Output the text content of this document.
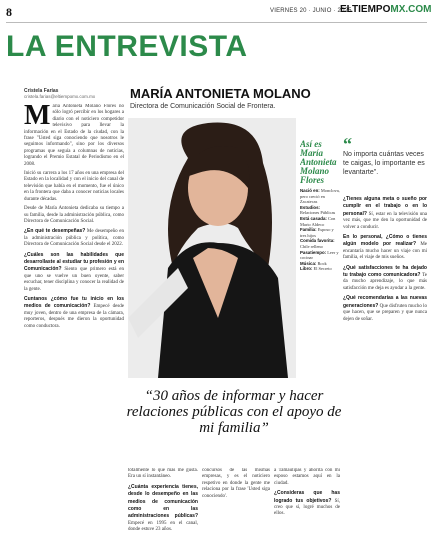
8	VIERNES 20 · JUNIO · 2025
ELTIEMPOMX.COM
LA ENTREVISTA
Cristela Farías
cristela.farias@eltiempomx.com.mx	MARÍA ANTONIETA MOLANO
Directora de Comunicación Social de Frontera.

María Antonieta Molano Flores no sólo logró percibir en los hogares a diario con el noticiero competidor televisivo para llevar la información en el Estado de la ciudad, con la frase "Usted siga conociendo que nosotros le seguimos informando", sino por los diversos programas que seguía a columnas de noticias, logrando el Premio Estatal de Periodismo en el 2008.

Inició su carrera a los 17 años en una empresa del Estado en la localidad y con el inicio del canal de televisión que había en el momento, fue el único en la frontera que daba a conocer noticias locales durante décadas.

Desde de María Antonieta dedicaba su tiempo a su familia, desde la administración pública, como Directora de Comunicación Social.

¿En qué te desempeñas? Me desempeño en la administración pública y política, como Directora de Comunicación Social desde el 2022.

¿Cuáles son las habilidades que desarrollaste al estudiar tu profesión y en Comunicación? Siento que primero está en que uno se vuelve un buen oyente, saber escuchar, tener disciplina y conocer la realidad de la gente.

Cuntanos ¿cómo fue tu inicio en los medios de comunicación? Empecé desde muy joven, dentro de una empresa de la cámara, reporteros, después me dieron la oportunidad como conductora.

Así es María Antonieta Molano Flores

Nació en: Monclova, pero creció en Zacatecas

Estudios: Relaciones Públicas

Está casada: Con Mario Aldeco

Familia: Esposo y tres hijos

Comida favorita: Chile relleno

Pasatiempo: Leer y cocinar

Música: Rock

Libro: El Secreto

“
No importa cuántas veces te caigas, lo importante es levantarte".

¿Tienes alguna meta o sueño por cumplir en el trabajo o en lo personal? Sí, estar en la televisión una vez más, que me den la oportunidad de volver a conducir.

En lo personal, ¿Cómo o tienes algún modelo por realizar? Me encantaría mucho hacer un viaje con mi familia, el viaje de mis sueños.

¿Qué satisfacciones te ha dejado tu trabajo como comunicadora? Te da mucho aprendizaje, lo que más satisfacción me deja es ayudar a la gente.

¿Qué recomendarías a las nuevas generaciones? Que disfruten mucho lo que hacen, que se preparen y que nunca dejen de soñar.

“30 años de informar y hacer relaciones públicas con el apoyo de mi familia”

totalmente lo que más me gusta. Era un sí instantáneo.

¿Cuánta experiencia tienes, desde lo desempeño en las medios de comunicación como en las administraciones públicas? Empecé en 1995 en el canal, donde estuve 23 años.

concursos de las mismas empresas, y es el noticiero respetivo en donde la gente me relaciona por la frase 'Usted siga conociendo'.

a Tamaulipas y ahorita con mi esposo estamos aquí en la ciudad.

¿Consideras que has logrado tus objetivos? Sí, creo que sí, logré muchos de ellos.
